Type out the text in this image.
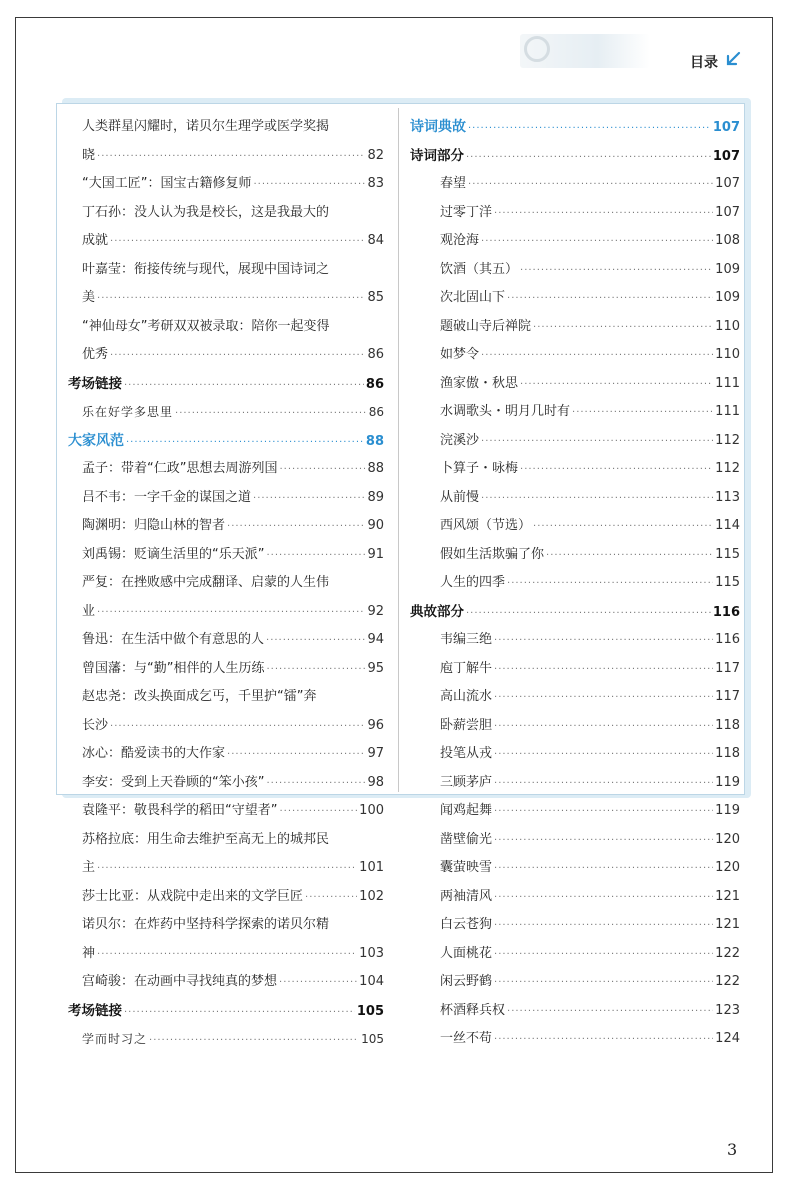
目录
人类群星闪耀时，诺贝尔生理学或医学奖揭
晓 ·····	82
“大国工匠”：国宝古籍修复师 ·····	83
丁石孙：没人认为我是校长，这是我最大的
成就 ·····	84
叶嘉莹：衔接传统与现代，展现中国诗词之
美 ·····	85
“神仙母女”考研双双被录取：陪你一起变得
优秀 ·····	86
考场链接 ·····	86
乐在好学多思里 ·····	86
大家风范 ·····	88
孟子：带着“仁政”思想去周游列国 ·····	88
吕不韦：一字千金的谋国之道 ·····	89
陶渊明：归隐山林的智者 ·····	90
刘禹锡：贬谪生活里的“乐天派” ·····	91
严复：在挫败感中完成翻译、启蒙的人生伟
业 ·····	92
鲁迅：在生活中做个有意思的人 ·····	94
曾国藩：与“勤”相伴的人生历练 ·····	95
赵忠尧：改头换面成乞丐，千里护“镭”奔
长沙 ·····	96
冰心：酷爱读书的大作家 ·····	97
李安：受到上天眷顾的“笨小孩” ·····	98
袁隆平：敬畏科学的稻田“守望者” ·····	100
苏格拉底：用生命去维护至高无上的城邦民
主 ·····	101
莎士比亚：从戏院中走出来的文学巨匠 ·····	102
诺贝尔：在炸药中坚持科学探索的诺贝尔精
神 ·····	103
宫崎骏：在动画中寻找纯真的梦想 ·····	104
考场链接 ·····	105
学而时习之 ·····	105
诗词典故 ·····	107
诗词部分 ·····	107
春望 ·····	107
过零丁洋 ·····	107
观沧海 ·····	108
饮酒（其五） ·····	109
次北固山下 ·····	109
题破山寺后禅院 ·····	110
如梦令 ·····	110
渔家傲・秋思 ·····	111
水调歌头・明月几时有 ·····	111
浣溪沙 ·····	112
卜算子・咏梅 ·····	112
从前慢 ·····	113
西风颂（节选） ·····	114
假如生活欺骗了你 ·····	115
人生的四季 ·····	115
典故部分 ·····	116
韦编三绝 ·····	116
庖丁解牛 ·····	117
高山流水 ·····	117
卧薪尝胆 ·····	118
投笔从戎 ·····	118
三顾茅庐 ·····	119
闻鸡起舞 ·····	119
凿壁偷光 ·····	120
囊萤映雪 ·····	120
两袖清风 ·····	121
白云苍狗 ·····	121
人面桃花 ·····	122
闲云野鹤 ·····	122
杯酒释兵权 ·····	123
一丝不苟 ·····	124
3
